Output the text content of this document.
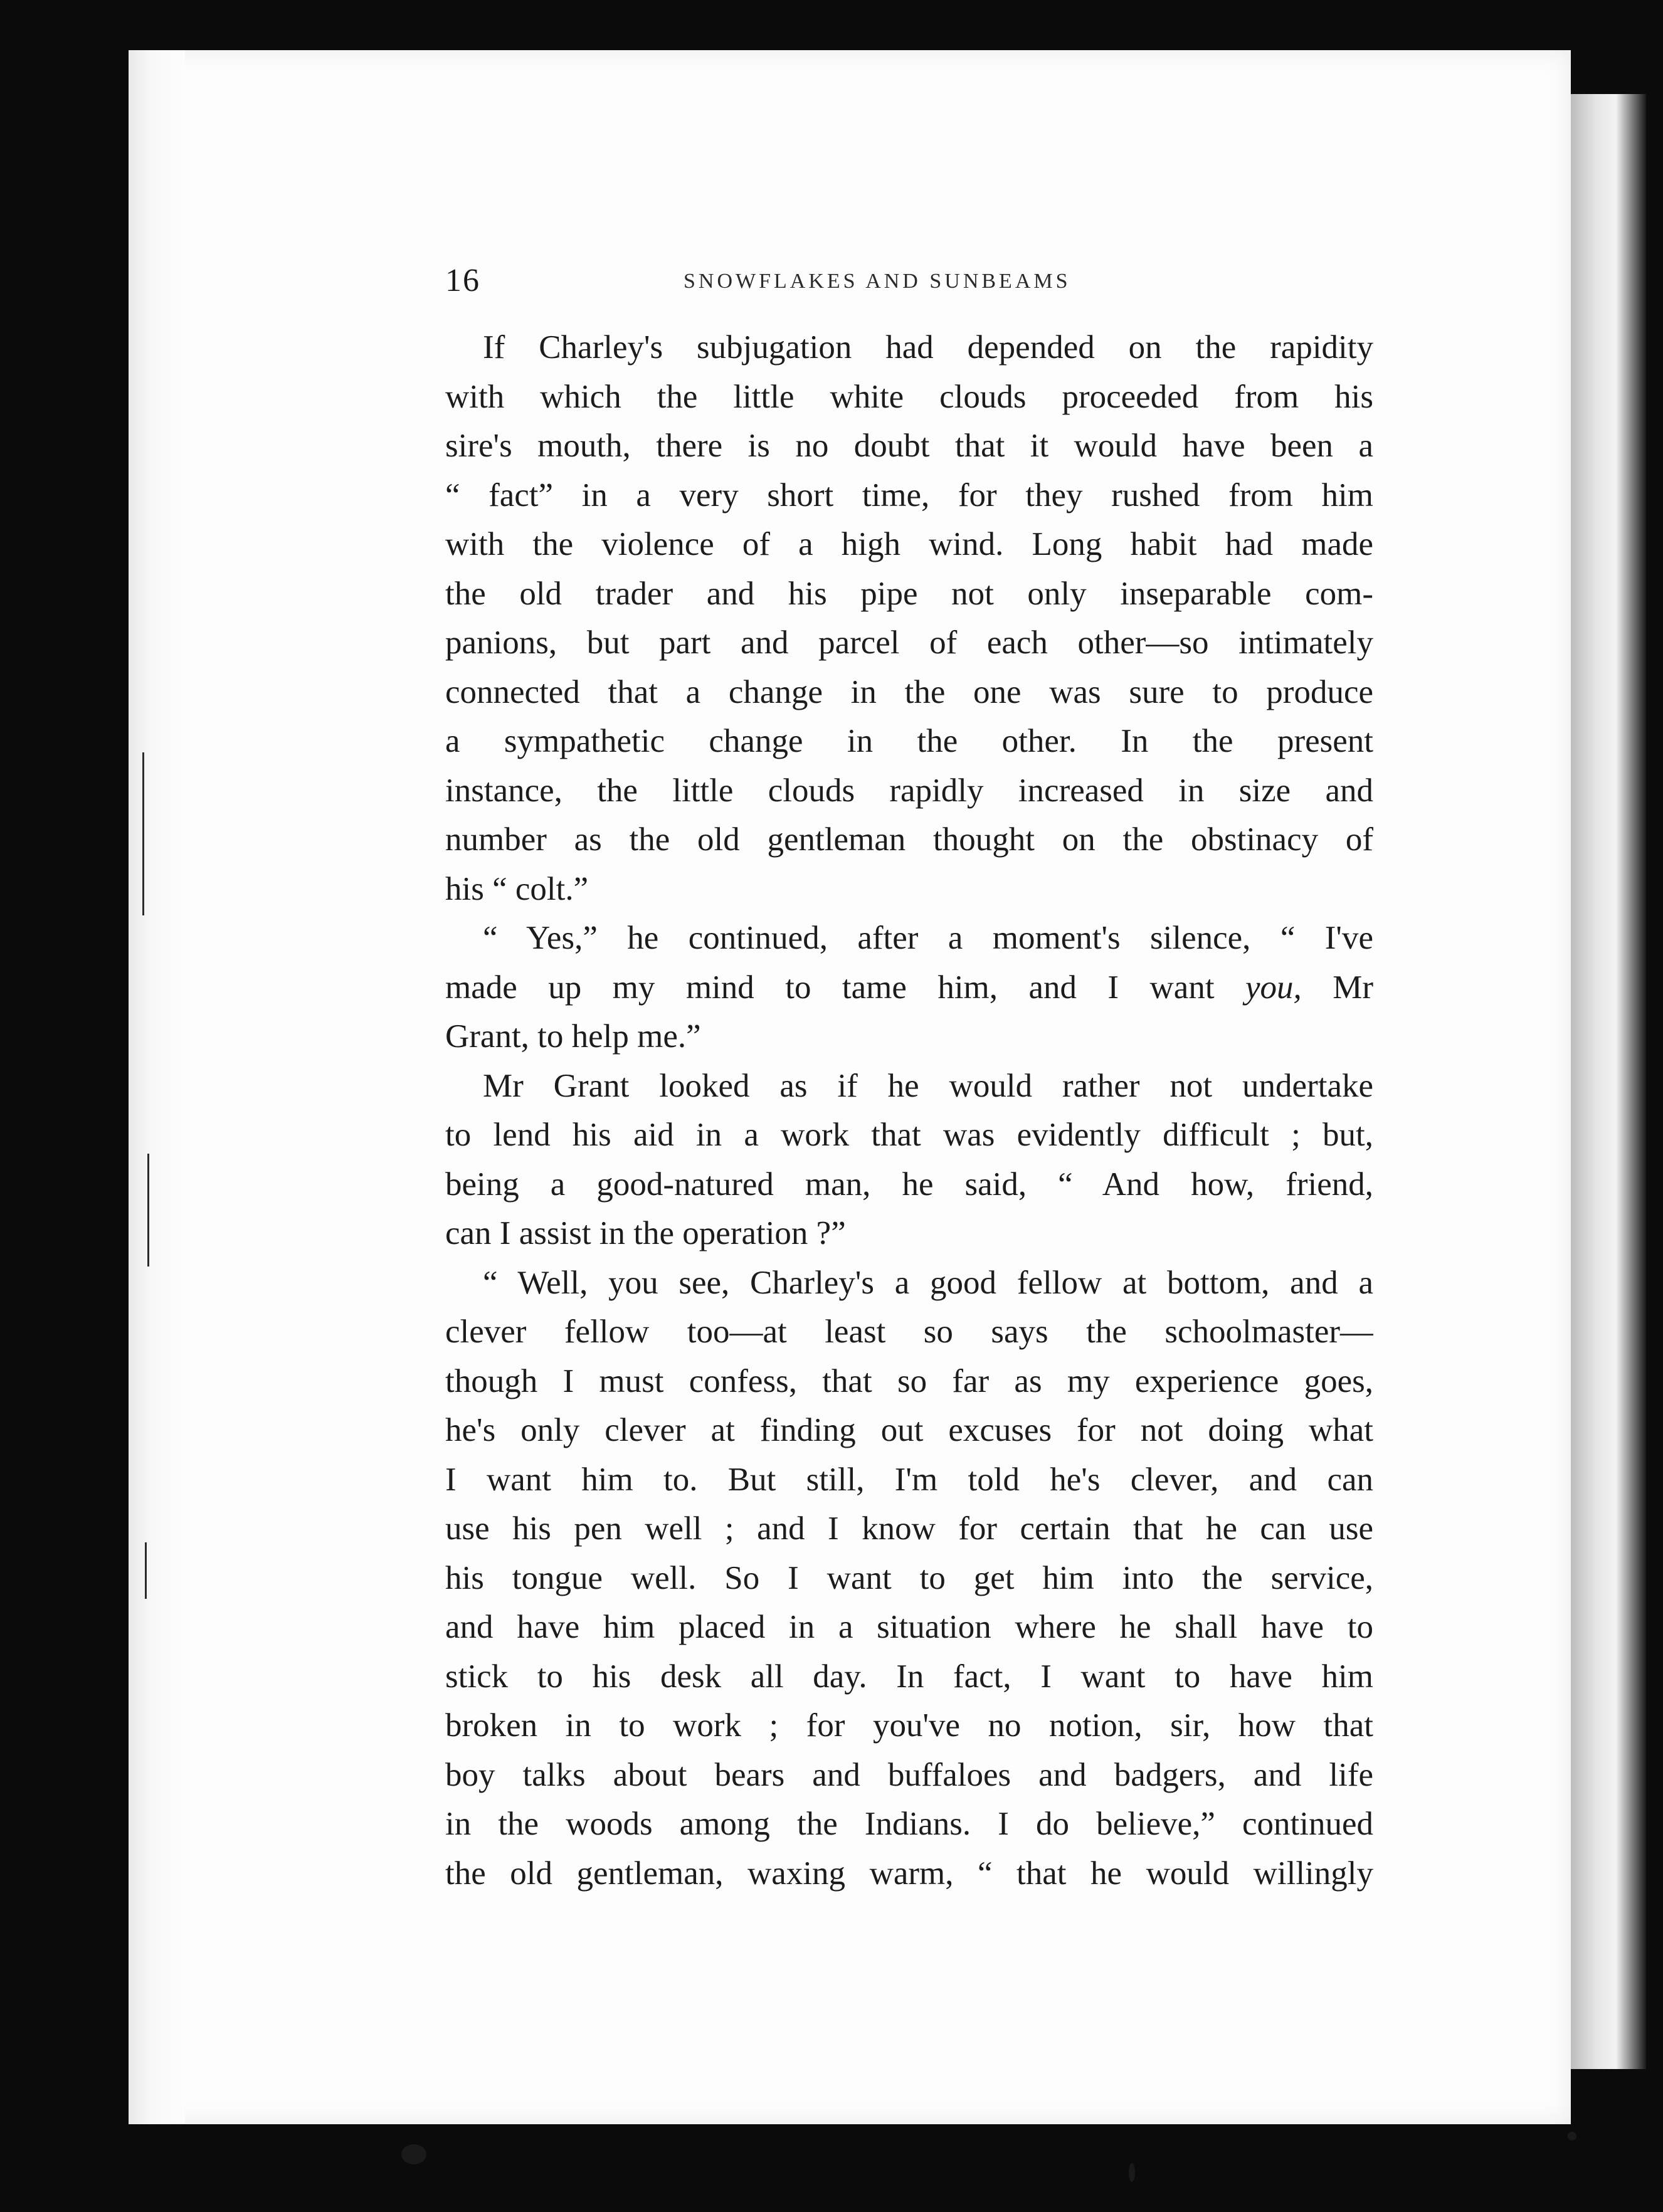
16	SNOWFLAKES AND SUNBEAMS
If Charley's subjugation had depended on the rapidity
with which the little white clouds proceeded from his
sire's mouth, there is no doubt that it would have been a
“ fact” in a very short time, for they rushed from him
with the violence of a high wind. Long habit had made
the old trader and his pipe not only inseparable com-
panions, but part and parcel of each other—so intimately
connected that a change in the one was sure to produce
a sympathetic change in the other. In the present
instance, the little clouds rapidly increased in size and
number as the old gentleman thought on the obstinacy of
his “ colt.”
“ Yes,” he continued, after a moment's silence, “ I've
made up my mind to tame him, and I want you, Mr
Grant, to help me.”
Mr Grant looked as if he would rather not undertake
to lend his aid in a work that was evidently difficult ; but,
being a good-natured man, he said, “ And how, friend,
can I assist in the operation ?”
“ Well, you see, Charley's a good fellow at bottom, and a
clever fellow too—at least so says the schoolmaster—
though I must confess, that so far as my experience goes,
he's only clever at finding out excuses for not doing what
I want him to. But still, I'm told he's clever, and can
use his pen well ; and I know for certain that he can use
his tongue well. So I want to get him into the service,
and have him placed in a situation where he shall have to
stick to his desk all day. In fact, I want to have him
broken in to work ; for you've no notion, sir, how that
boy talks about bears and buffaloes and badgers, and life
in the woods among the Indians. I do believe,” continued
the old gentleman, waxing warm, “ that he would willingly
